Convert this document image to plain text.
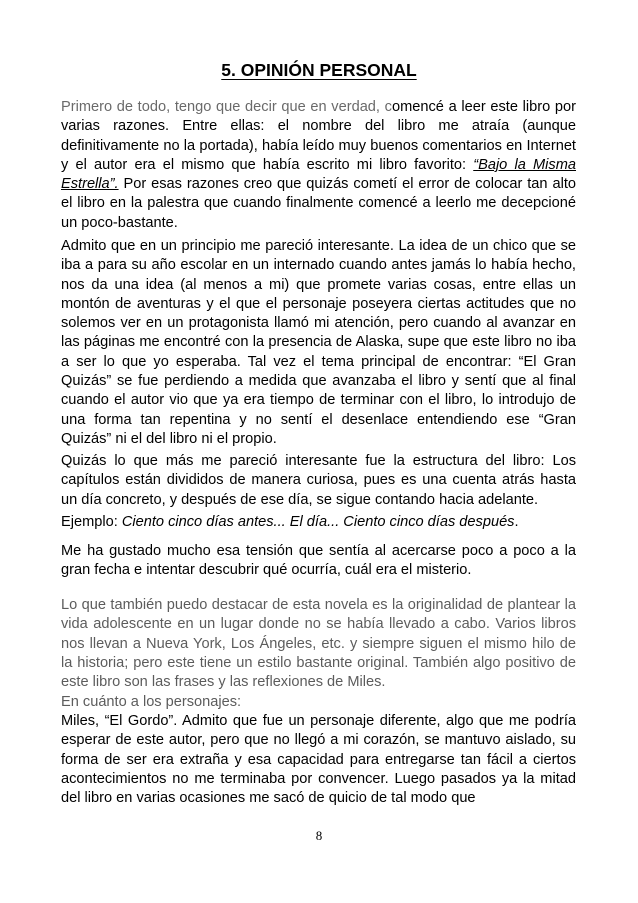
5. OPINIÓN PERSONAL

Primero de todo, tengo que decir que en verdad, comencé a leer este libro por varias razones. Entre ellas: el nombre del libro me atraía (aunque definitivamente no la portada), había leído muy buenos comentarios en Internet y el autor era el mismo que había escrito mi libro favorito: “Bajo la Misma Estrella”. Por esas razones creo que quizás cometí el error de colocar tan alto el libro en la palestra que cuando finalmente comencé a leerlo me decepcioné un poco-bastante.

Admito que en un principio me pareció interesante. La idea de un chico que se iba a para su año escolar en un internado cuando antes jamás lo había hecho, nos da una idea (al menos a mi) que promete varias cosas, entre ellas un montón de aventuras y el que el personaje poseyera ciertas actitudes que no solemos ver en un protagonista llamó mi atención, pero cuando al avanzar en las páginas me encontré con la presencia de Alaska, supe que este libro no iba a ser lo que yo esperaba. Tal vez el tema principal de encontrar: “El Gran Quizás” se fue perdiendo a medida que avanzaba el libro y sentí que al final cuando el autor vio que ya era tiempo de terminar con el libro, lo introdujo de una forma tan repentina y no sentí el desenlace entendiendo ese “Gran Quizás” ni el del libro ni el propio.

Quizás lo que más me pareció interesante fue la estructura del libro: Los capítulos están divididos de manera curiosa, pues es una cuenta atrás hasta un día concreto, y después de ese día, se sigue contando hacia adelante.

Ejemplo: Ciento cinco días antes... El día... Ciento cinco días después.

Me ha gustado mucho esa tensión que sentía al acercarse poco a poco a la gran fecha e intentar descubrir qué ocurría, cuál era el misterio.

Lo que también puedo destacar de esta novela es la originalidad de plantear la vida adolescente en un lugar donde no se había llevado a cabo. Varios libros nos llevan a Nueva York, Los Ángeles, etc. y siempre siguen el mismo hilo de la historia; pero este tiene un estilo bastante original. También algo positivo de este libro son las frases y las reflexiones de Miles.

En cuánto a los personajes:

Miles, “El Gordo”. Admito que fue un personaje diferente, algo que me podría esperar de este autor, pero que no llegó a mi corazón, se mantuvo aislado, su forma de ser era extraña y esa capacidad para entregarse tan fácil a ciertos acontecimientos no me terminaba por convencer. Luego pasados ya la mitad del libro en varias ocasiones me sacó de quicio de tal modo que

8
